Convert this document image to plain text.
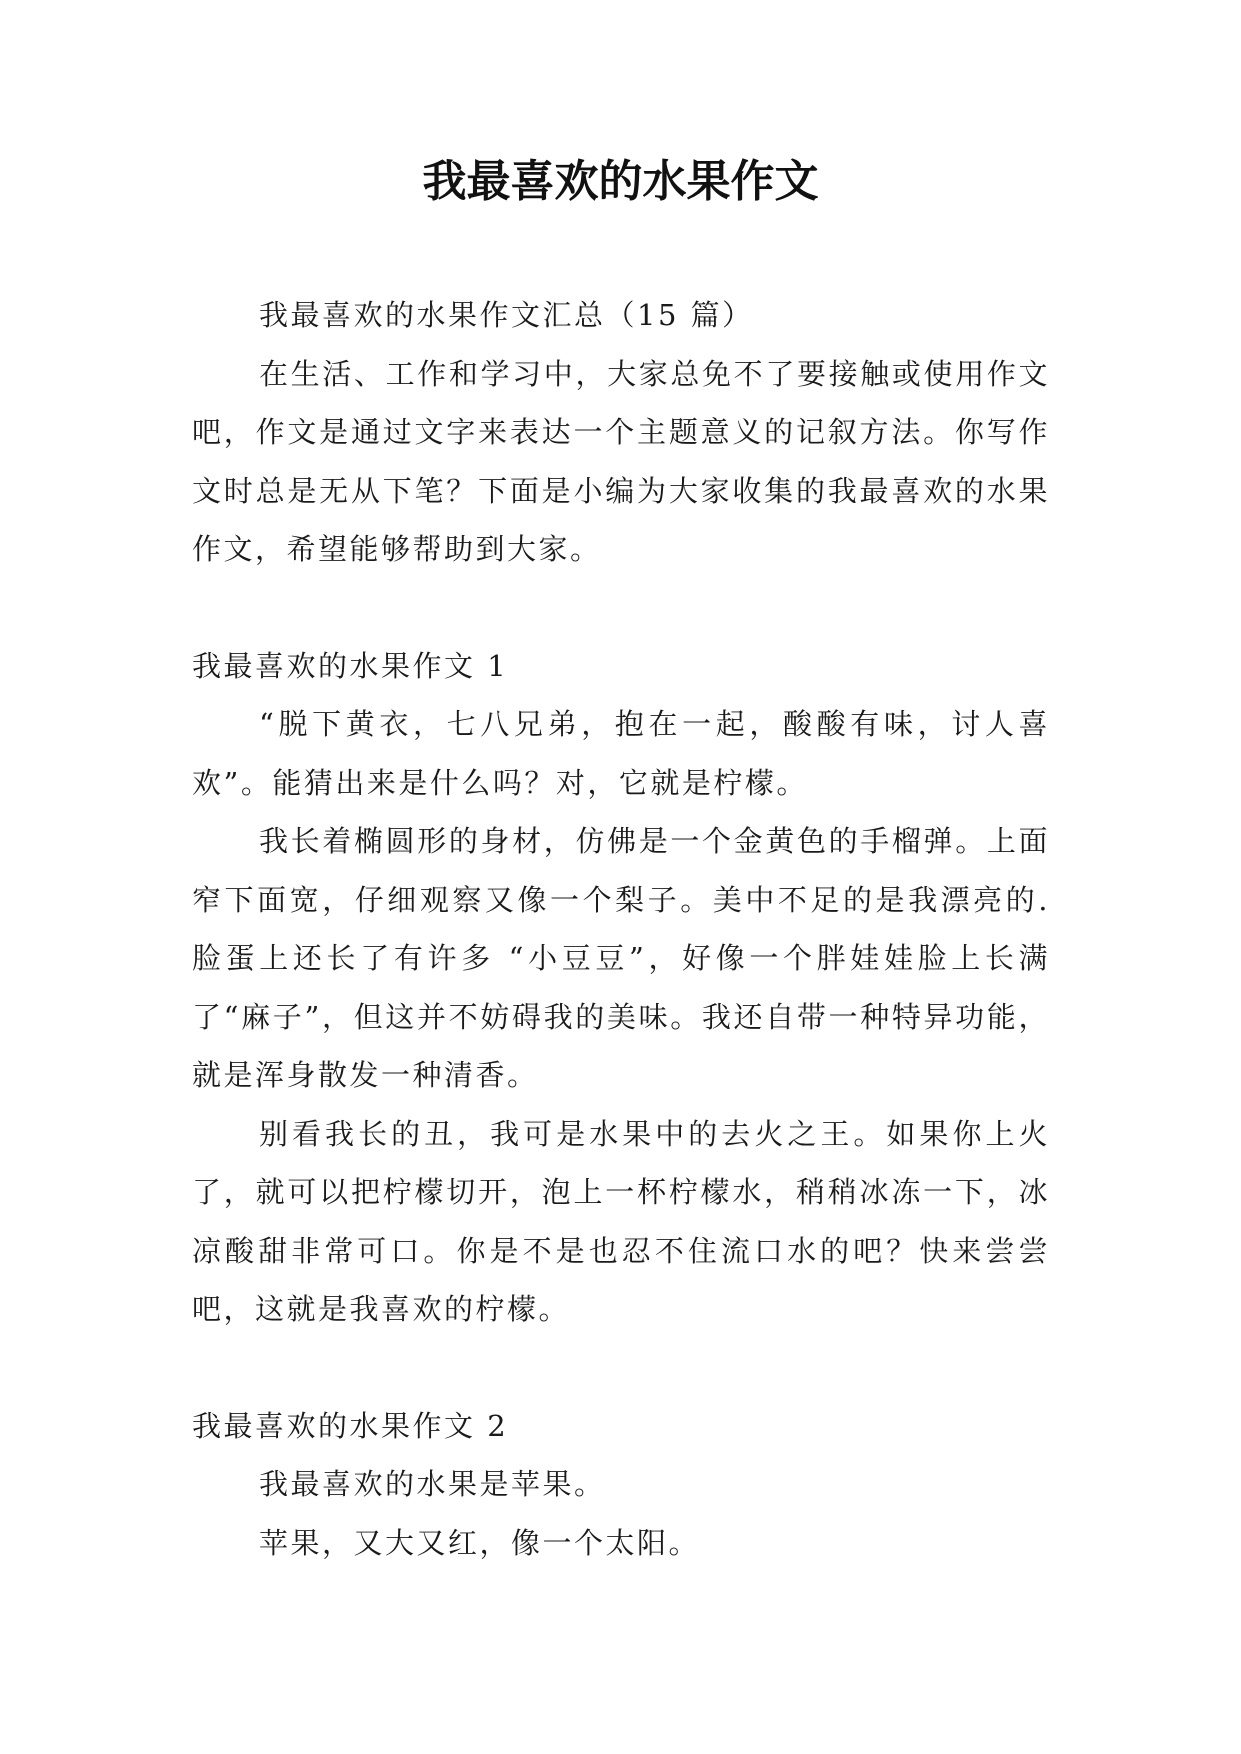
我最喜欢的水果作文

我最喜欢的水果作文汇总（15 篇）

在生活、工作和学习中，大家总免不了要接触或使用作文吧，作文是通过文字来表达一个主题意义的记叙方法。你写作文时总是无从下笔？下面是小编为大家收集的我最喜欢的水果作文，希望能够帮助到大家。

我最喜欢的水果作文 1

“脱下黄衣，七八兄弟，抱在一起，酸酸有味，讨人喜欢”。能猜出来是什么吗？对，它就是柠檬。

我长着椭圆形的身材，仿佛是一个金黄色的手榴弹。上面窄下面宽，仔细观察又像一个梨子。美中不足的是我漂亮的.脸蛋上还长了有许多 “小豆豆”，好像一个胖娃娃脸上长满了“麻子”，但这并不妨碍我的美味。我还自带一种特异功能，就是浑身散发一种清香。

别看我长的丑，我可是水果中的去火之王。如果你上火了，就可以把柠檬切开，泡上一杯柠檬水，稍稍冰冻一下，冰凉酸甜非常可口。你是不是也忍不住流口水的吧？快来尝尝吧，这就是我喜欢的柠檬。

我最喜欢的水果作文 2

我最喜欢的水果是苹果。

苹果，又大又红，像一个太阳。
